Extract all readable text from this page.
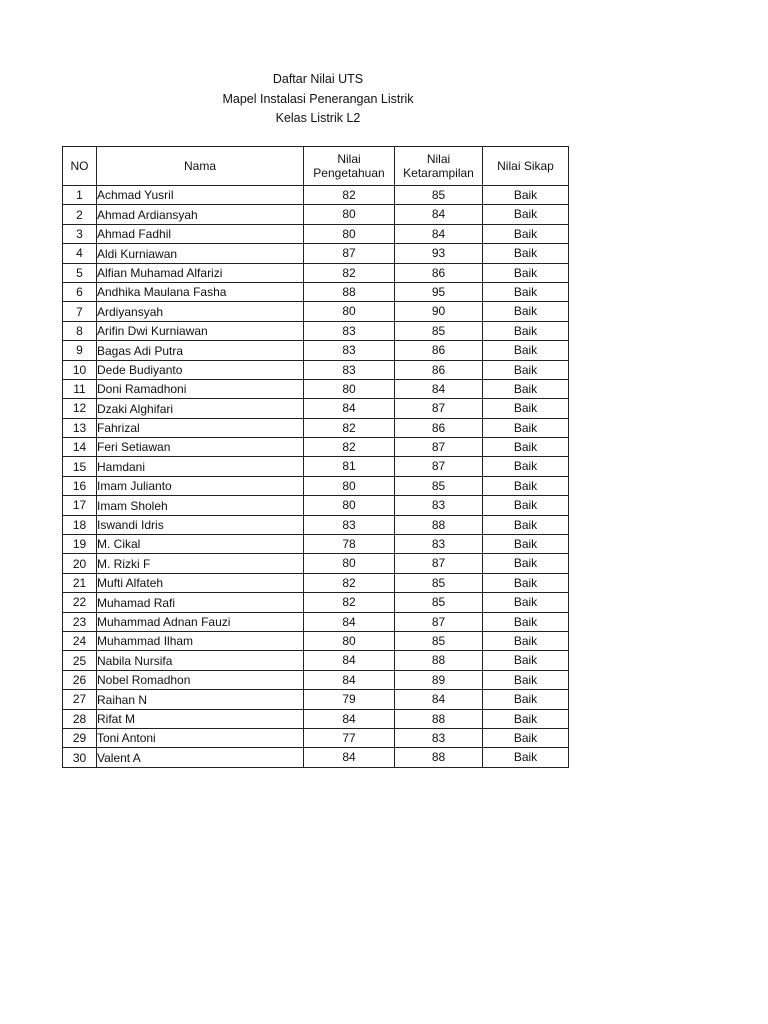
Daftar Nilai UTS
Mapel Instalasi Penerangan Listrik
Kelas Listrik L2
NO	Nama	Nilai Pengetahuan	Nilai Ketarampilan	Nilai Sikap
1	Achmad Yusril	82	85	Baik
2	Ahmad Ardiansyah	80	84	Baik
3	Ahmad Fadhil	80	84	Baik
4	Aldi Kurniawan	87	93	Baik
5	Alfian Muhamad Alfarizi	82	86	Baik
6	Andhika Maulana Fasha	88	95	Baik
7	Ardiyansyah	80	90	Baik
8	Arifin Dwi Kurniawan	83	85	Baik
9	Bagas Adi Putra	83	86	Baik
10	Dede Budiyanto	83	86	Baik
11	Doni Ramadhoni	80	84	Baik
12	Dzaki Alghifari	84	87	Baik
13	Fahrizal	82	86	Baik
14	Feri Setiawan	82	87	Baik
15	Hamdani	81	87	Baik
16	Imam Julianto	80	85	Baik
17	Imam Sholeh	80	83	Baik
18	Iswandi Idris	83	88	Baik
19	M. Cikal	78	83	Baik
20	M. Rizki F	80	87	Baik
21	Mufti Alfateh	82	85	Baik
22	Muhamad Rafi	82	85	Baik
23	Muhammad Adnan Fauzi	84	87	Baik
24	Muhammad Ilham	80	85	Baik
25	Nabila Nursifa	84	88	Baik
26	Nobel Romadhon	84	89	Baik
27	Raihan N	79	84	Baik
28	Rifat M	84	88	Baik
29	Toni Antoni	77	83	Baik
30	Valent A	84	88	Baik
